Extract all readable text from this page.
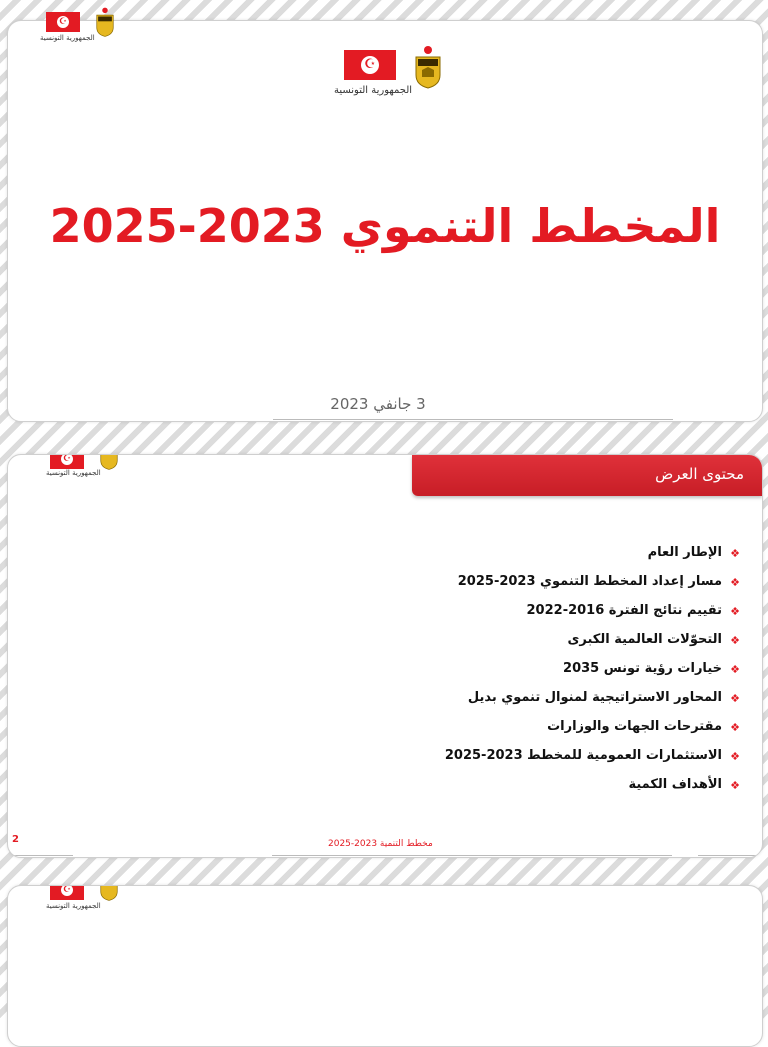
☪
الجمهورية التونسية
المخطط التنموي 2023-2025
3 جانفي 2023
☪
الجمهورية التونسية	محتوى العرض
❖
الإطار العام
❖
مسار إعداد المخطط التنموي 2023-2025
❖
تقييم نتائج الفترة 2016-2022
❖
التحوّلات العالمية الكبرى
❖
خيارات رؤية تونس 2035
❖
المحاور الاستراتيجية لمنوال تنموي بديل
❖
مقترحات الجهات والوزارات
❖
الاستثمارات العمومية للمخطط 2023-2025
❖
الأهداف الكمية
2	مخطط التنمية 2023-2025
☪
الجمهورية التونسية
☪
الجمهورية التونسية
